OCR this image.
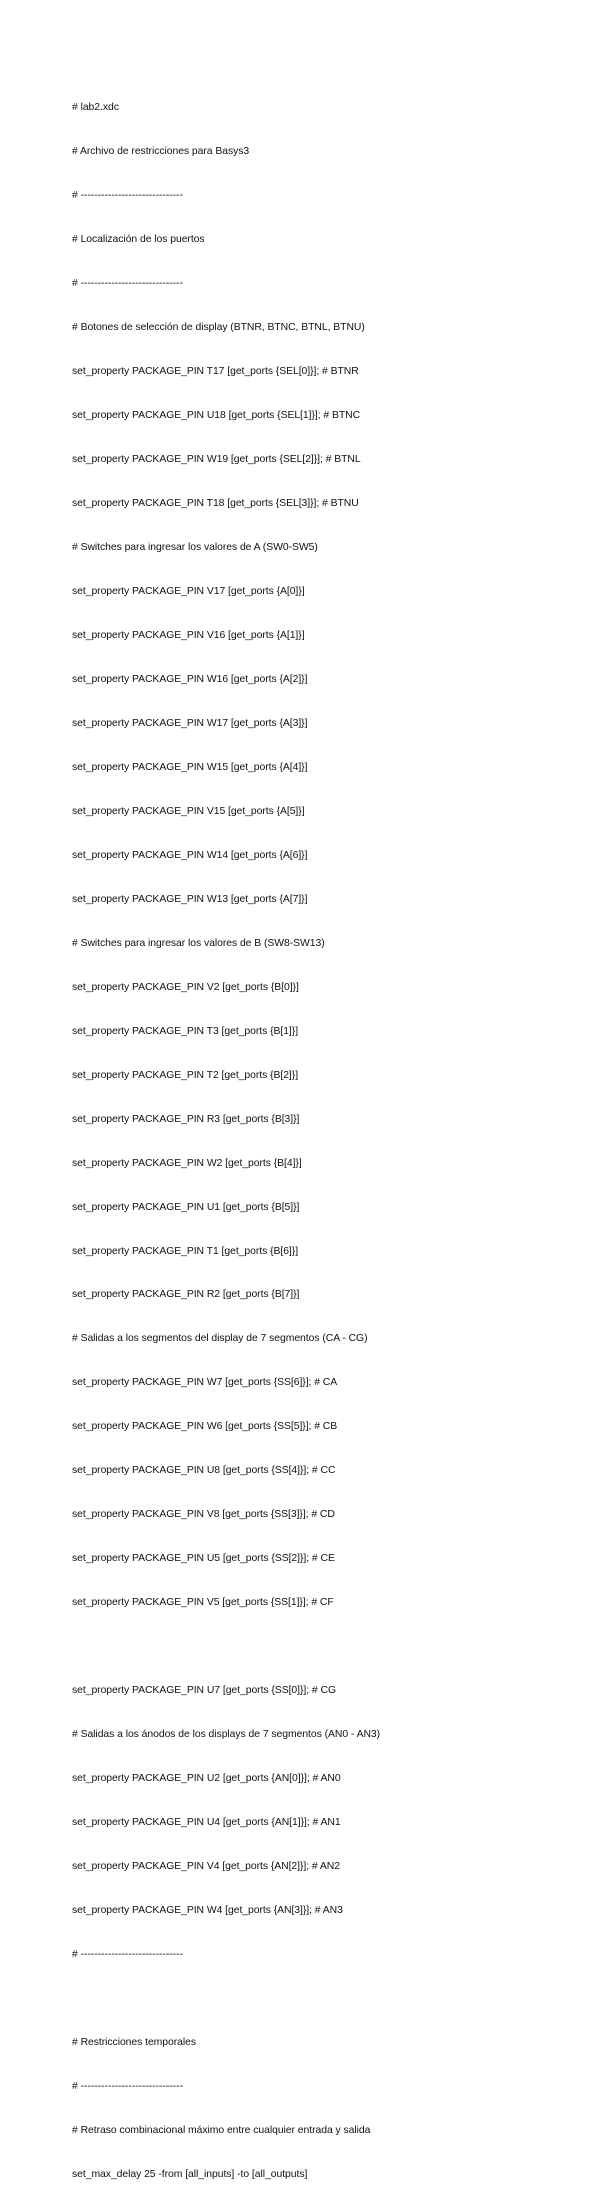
# lab2.xdc

# Archivo de restricciones para Basys3

# ------------------------------

# Localización de los puertos

# ------------------------------

# Botones de selección de display (BTNR, BTNC, BTNL, BTNU)

set_property PACKAGE_PIN T17 [get_ports {SEL[0]}]; # BTNR

set_property PACKAGE_PIN U18 [get_ports {SEL[1]}]; # BTNC

set_property PACKAGE_PIN W19 [get_ports {SEL[2]}]; # BTNL

set_property PACKAGE_PIN T18 [get_ports {SEL[3]}]; # BTNU

# Switches para ingresar los valores de A (SW0-SW5)

set_property PACKAGE_PIN V17 [get_ports {A[0]}]

set_property PACKAGE_PIN V16 [get_ports {A[1]}]

set_property PACKAGE_PIN W16 [get_ports {A[2]}]

set_property PACKAGE_PIN W17 [get_ports {A[3]}]

set_property PACKAGE_PIN W15 [get_ports {A[4]}]

set_property PACKAGE_PIN V15 [get_ports {A[5]}]

set_property PACKAGE_PIN W14 [get_ports {A[6]}]

set_property PACKAGE_PIN W13 [get_ports {A[7]}]

# Switches para ingresar los valores de B (SW8-SW13)

set_property PACKAGE_PIN V2 [get_ports {B[0]}]

set_property PACKAGE_PIN T3 [get_ports {B[1]}]

set_property PACKAGE_PIN T2 [get_ports {B[2]}]

set_property PACKAGE_PIN R3 [get_ports {B[3]}]

set_property PACKAGE_PIN W2 [get_ports {B[4]}]

set_property PACKAGE_PIN U1 [get_ports {B[5]}]

set_property PACKAGE_PIN T1 [get_ports {B[6]}]

set_property PACKAGE_PIN R2 [get_ports {B[7]}]

# Salidas a los segmentos del display de 7 segmentos (CA - CG)

set_property PACKAGE_PIN W7 [get_ports {SS[6]}]; # CA

set_property PACKAGE_PIN W6 [get_ports {SS[5]}]; # CB

set_property PACKAGE_PIN U8 [get_ports {SS[4]}]; # CC

set_property PACKAGE_PIN V8 [get_ports {SS[3]}]; # CD

set_property PACKAGE_PIN U5 [get_ports {SS[2]}]; # CE

set_property PACKAGE_PIN V5 [get_ports {SS[1]}]; # CF

set_property PACKAGE_PIN U7 [get_ports {SS[0]}]; # CG

# Salidas a los ánodos de los displays de 7 segmentos (AN0 - AN3)

set_property PACKAGE_PIN U2 [get_ports {AN[0]}]; # AN0

set_property PACKAGE_PIN U4 [get_ports {AN[1]}]; # AN1

set_property PACKAGE_PIN V4 [get_ports {AN[2]}]; # AN2

set_property PACKAGE_PIN W4 [get_ports {AN[3]}]; # AN3

# ------------------------------

# Restricciones temporales

# ------------------------------

# Retraso combinacional máximo entre cualquier entrada y salida

set_max_delay 25 -from [all_inputs] -to [all_outputs]
